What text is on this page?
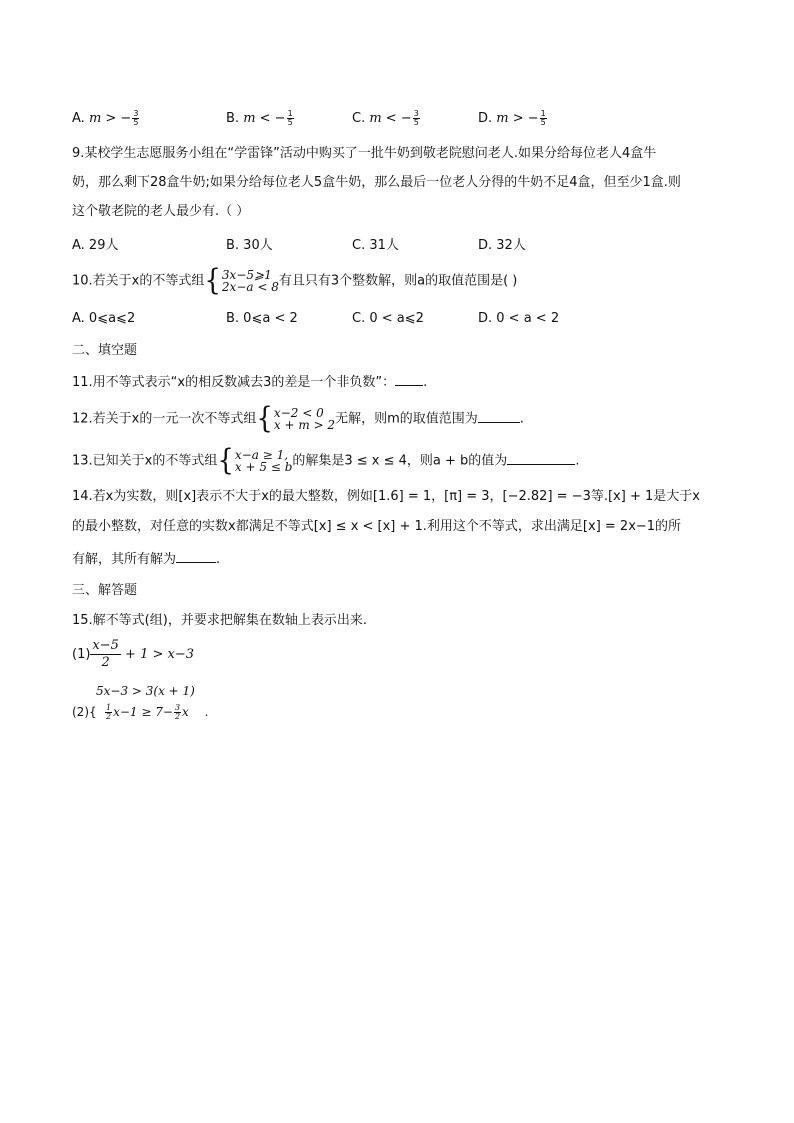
A. m > − $\frac{3}{5}$	B. m < − $\frac{1}{5}$	C. m < − $\frac{3}{5}$	D. m > − $\frac{1}{5}$
9.某校学生志愿服务小组在“学雷锋”活动中购买了一批牛奶到敬老院慰问老人.如果分给每位老人4盒牛
奶，那么剩下28盒牛奶;如果分给每位老人5盒牛奶，那么最后一位老人分得的牛奶不足4盒，但至少1盒.则
这个敬老院的老人最少有.（ ）
A. 29人	B. 30人	C. 31人	D. 32人
10.若关于x的不等式组 { 3x−5⩾1
2x−a < 8 有且只有3个整数解，则a的取值范围是( )
A. 0⩽a⩽2	B. 0⩽a < 2	C. 0 < a⩽2	D. 0 < a < 2
二、填空题
11.用不等式表示“x的相反数减去3的差是一个非负数”： .
12.若关于x的一元一次不等式组 { x−2 < 0
x + m > 2 无解，则m的取值范围为	.
13.已知关于x的不等式组 { x−a ≥ 1,
x + 5 ≤ b 的解集是3 ≤ x ≤ 4，则a + b的值为	.
14.若x为实数，则[x]表示不大于x的最大整数，例如[1.6] = 1，[π] = 3，[−2.82] = −3等.[x] + 1是大于x
的最小整数，对任意的实数x都满足不等式[x] ≤ x < [x] + 1.利用这个不等式，求出满足[x] = 2x−1的所
有解，其所有解为	.
三、解答题
15.解不等式(组)，并要求把解集在数轴上表示出来.
$(1) \frac{x-5}{2} + 1 > x-3$
5x−3 > 3(x + 1)
$(2)\{ \frac{1}{2} x-1 \ge 7- \frac{3}{2}$ x .
